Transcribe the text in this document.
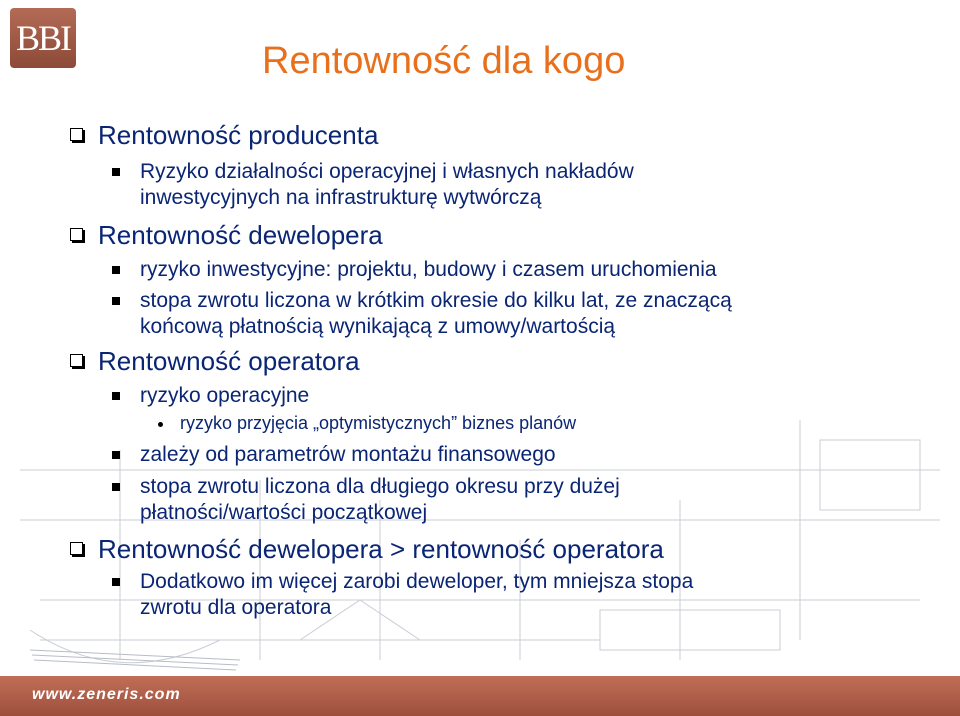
BBI
Rentowność dla kogo
Rentowność producenta
Ryzyko działalności operacyjnej i własnych nakładów
inwestycyjnych na infrastrukturę wytwórczą
Rentowność dewelopera
ryzyko inwestycyjne: projektu, budowy i czasem uruchomienia
stopa zwrotu liczona w krótkim okresie do kilku lat, ze znaczącą
końcową płatnością wynikającą z umowy/wartością
Rentowność operatora
ryzyko operacyjne
ryzyko przyjęcia „optymistycznych” biznes planów
zależy od parametrów montażu finansowego
stopa zwrotu liczona dla długiego okresu przy dużej
płatności/wartości początkowej
Rentowność dewelopera > rentowność operatora
Dodatkowo im więcej zarobi deweloper, tym mniejsza stopa
zwrotu dla operatora
www.zeneris.com
